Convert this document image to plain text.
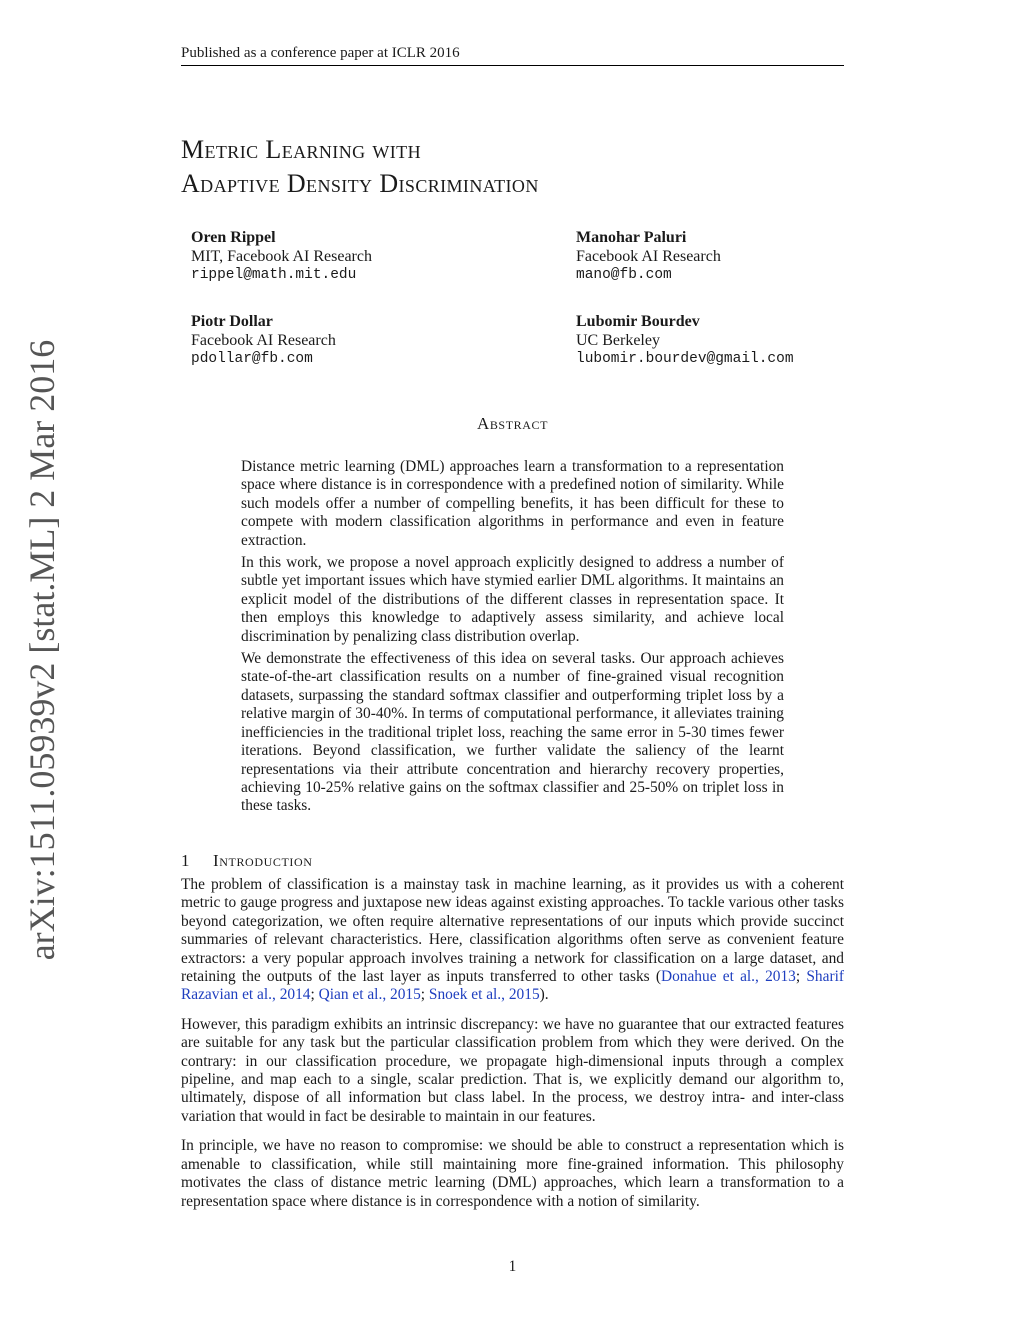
Published as a conference paper at ICLR 2016
Metric Learning with
Adaptive Density Discrimination
Oren Rippel
MIT, Facebook AI Research
rippel@math.mit.edu
Manohar Paluri
Facebook AI Research
mano@fb.com
Piotr Dollar
Facebook AI Research
pdollar@fb.com
Lubomir Bourdev
UC Berkeley
lubomir.bourdev@gmail.com
Abstract

Distance metric learning (DML) approaches learn a transformation to a representation space where distance is in correspondence with a predefined notion of similarity. While such models offer a number of compelling benefits, it has been difficult for these to compete with modern classification algorithms in performance and even in feature extraction.

In this work, we propose a novel approach explicitly designed to address a number of subtle yet important issues which have stymied earlier DML algorithms. It maintains an explicit model of the distributions of the different classes in representation space. It then employs this knowledge to adaptively assess similarity, and achieve local discrimination by penalizing class distribution overlap.

We demonstrate the effectiveness of this idea on several tasks. Our approach achieves state-of-the-art classification results on a number of fine-grained visual recognition datasets, surpassing the standard softmax classifier and outperforming triplet loss by a relative margin of 30-40%. In terms of computational performance, it alleviates training inefficiencies in the traditional triplet loss, reaching the same error in 5-30 times fewer iterations. Beyond classification, we further validate the saliency of the learnt representations via their attribute concentration and hierarchy recovery properties, achieving 10-25% relative gains on the softmax classifier and 25-50% on triplet loss in these tasks.

1 Introduction

The problem of classification is a mainstay task in machine learning, as it provides us with a coherent metric to gauge progress and juxtapose new ideas against existing approaches. To tackle various other tasks beyond categorization, we often require alternative representations of our inputs which provide succinct summaries of relevant characteristics. Here, classification algorithms often serve as convenient feature extractors: a very popular approach involves training a network for classification on a large dataset, and retaining the outputs of the last layer as inputs transferred to other tasks (Donahue et al., 2013; Sharif Razavian et al., 2014; Qian et al., 2015; Snoek et al., 2015).

However, this paradigm exhibits an intrinsic discrepancy: we have no guarantee that our extracted features are suitable for any task but the particular classification problem from which they were derived. On the contrary: in our classification procedure, we propagate high-dimensional inputs through a complex pipeline, and map each to a single, scalar prediction. That is, we explicitly demand our algorithm to, ultimately, dispose of all information but class label. In the process, we destroy intra- and inter-class variation that would in fact be desirable to maintain in our features.

In principle, we have no reason to compromise: we should be able to construct a representation which is amenable to classification, while still maintaining more fine-grained information. This philosophy motivates the class of distance metric learning (DML) approaches, which learn a transformation to a representation space where distance is in correspondence with a notion of similarity.

arXiv:1511.05939v2 [stat.ML] 2 Mar 2016
1
